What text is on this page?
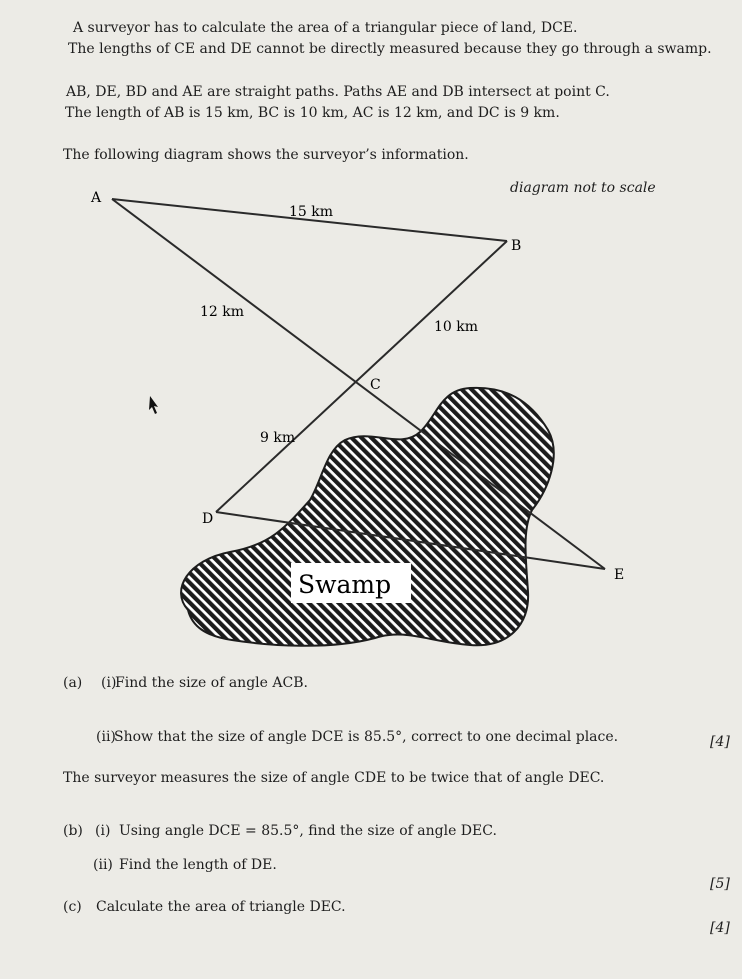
A surveyor has to calculate the area of a triangular piece of land, DCE.
The lengths of CE and DE cannot be directly measured because they go through a swamp.
AB, DE, BD and AE are straight paths. Paths AE and DB intersect at point C.
The length of AB is 15 km, BC is 10 km, AC is 12 km, and DC is 9 km.
The following diagram shows the surveyor’s information.
A
B
C
D
E
15 km
12 km
10 km
9 km
Swamp
diagram not to scale
(a) (i)
Find the size of angle ACB.
(ii)
Show that the size of angle DCE is 85.5°, correct to one decimal place.	[4]
The surveyor measures the size of angle CDE to be twice that of angle DEC.
(b) (i) Using angle DCE = 85.5°, find the size of angle DEC.
(ii) Find the length of DE.
[5]
(c) Calculate the area of triangle DEC.
[4]
